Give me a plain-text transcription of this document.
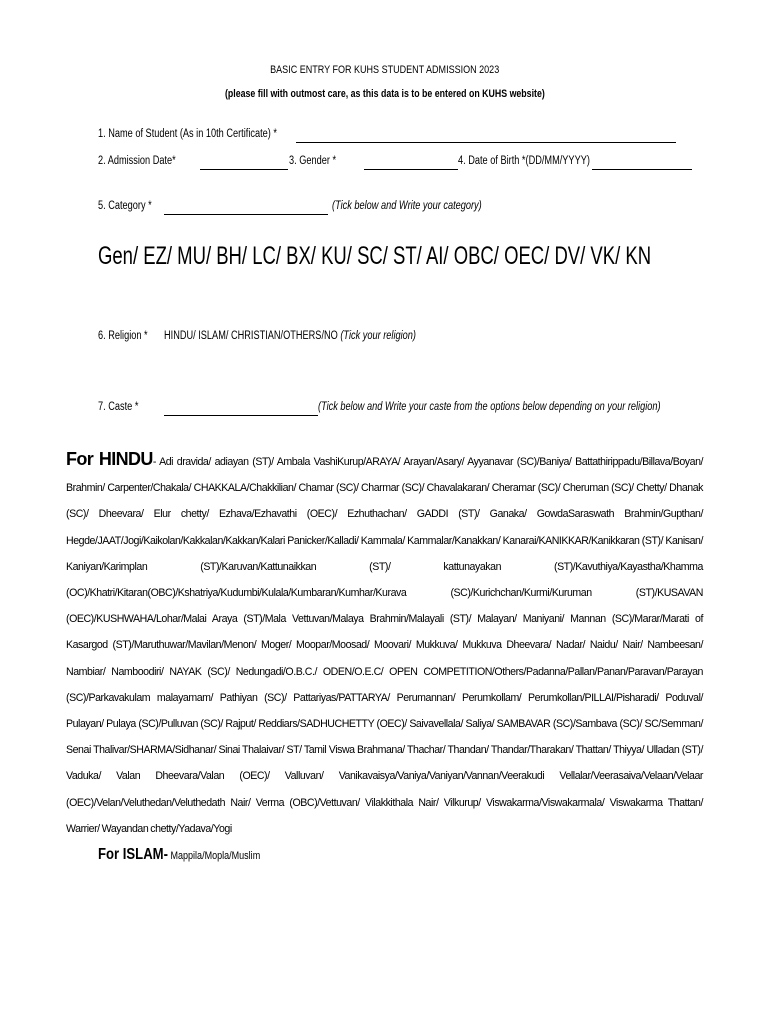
BASIC ENTRY FOR KUHS STUDENT ADMISSION 2023
(please fill with outmost care, as this data is to be entered on KUHS website)
1. Name of Student (As in 10th Certificate) *
2. Admission Date*	3. Gender *	4. Date of Birth *(DD/MM/YYYY)
5. Category *	(Tick below and Write your category)
Gen/ EZ/ MU/ BH/ LC/ BX/ KU/ SC/ ST/ AI/ OBC/ OEC/ DV/ VK/ KN
6. Religion *	HINDU/ ISLAM/ CHRISTIAN/OTHERS/NO (Tick your religion)
7. Caste *	(Tick below and Write your caste from the options below depending on your religion)
For HINDU- Adi dravida/ adiayan (ST)/ Ambala VashiKurup/ARAYA/ Arayan/Asary/ Ayyanavar (SC)/Baniya/ Battathirippadu/Billava/Boyan/ Brahmin/ Carpenter/Chakala/ CHAKKALA/Chakkilian/ Chamar (SC)/ Charmar (SC)/ Chavalakaran/ Cheramar (SC)/ Cheruman (SC)/ Chetty/ Dhanak (SC)/ Dheevara/ Elur chetty/ Ezhava/Ezhavathi (OEC)/ Ezhuthachan/ GADDI (ST)/ Ganaka/ GowdaSaraswath Brahmin/Gupthan/ Hegde/JAAT/Jogi/Kaikolan/Kakkalan/Kakkan/Kalari Panicker/Kalladi/ Kammala/ Kammalar/Kanakkan/ Kanarai/KANIKKAR/Kanikkaran (ST)/ Kanisan/ Kaniyan/Karimplan (ST)/Karuvan/Kattunaikkan (ST)/ kattunayakan (ST)/Kavuthiya/Kayastha/Khamma (OC)/Khatri/Kitaran(OBC)/Kshatriya/Kudumbi/Kulala/Kumbaran/Kumhar/Kurava (SC)/Kurichchan/Kurmi/Kuruman (ST)/KUSAVAN (OEC)/KUSHWAHA/Lohar/Malai Araya (ST)/Mala Vettuvan/Malaya Brahmin/Malayali (ST)/ Malayan/ Maniyani/ Mannan (SC)/Marar/Marati of Kasargod (ST)/Maruthuwar/Mavilan/Menon/ Moger/ Moopar/Moosad/ Moovari/ Mukkuva/ Mukkuva Dheevara/ Nadar/ Naidu/ Nair/ Nambeesan/ Nambiar/ Namboodiri/ NAYAK (SC)/ Nedungadi/O.B.C./ ODEN/O.E.C/ OPEN COMPETITION/Others/Padanna/Pallan/Panan/Paravan/Parayan (SC)/Parkavakulam malayamam/ Pathiyan (SC)/ Pattariyas/PATTARYA/ Perumannan/ Perumkollam/ Perumkollan/PILLAI/Pisharadi/ Poduval/ Pulayan/ Pulaya (SC)/Pulluvan (SC)/ Rajput/ Reddiars/SADHUCHETTY (OEC)/ Saivavellala/ Saliya/ SAMBAVAR (SC)/Sambava (SC)/ SC/Semman/ Senai Thalivar/SHARMA/Sidhanar/ Sinai Thalaivar/ ST/ Tamil Viswa Brahmana/ Thachar/ Thandan/ Thandar/Tharakan/ Thattan/ Thiyya/ Ulladan (ST)/ Vaduka/ Valan Dheevara/Valan (OEC)/ Valluvan/ Vanikavaisya/Vaniya/Vaniyan/Vannan/Veerakudi Vellalar/Veerasaiva/Velaan/Velaar (OEC)/Velan/Veluthedan/Veluthedath Nair/ Verma (OBC)/Vettuvan/ Vilakkithala Nair/ Vilkurup/ Viswakarma/Viswakarmala/ Viswakarma Thattan/ Warrier/ Wayandan chetty/Yadava/Yogi
For ISLAM- Mappila/Mopla/Muslim
